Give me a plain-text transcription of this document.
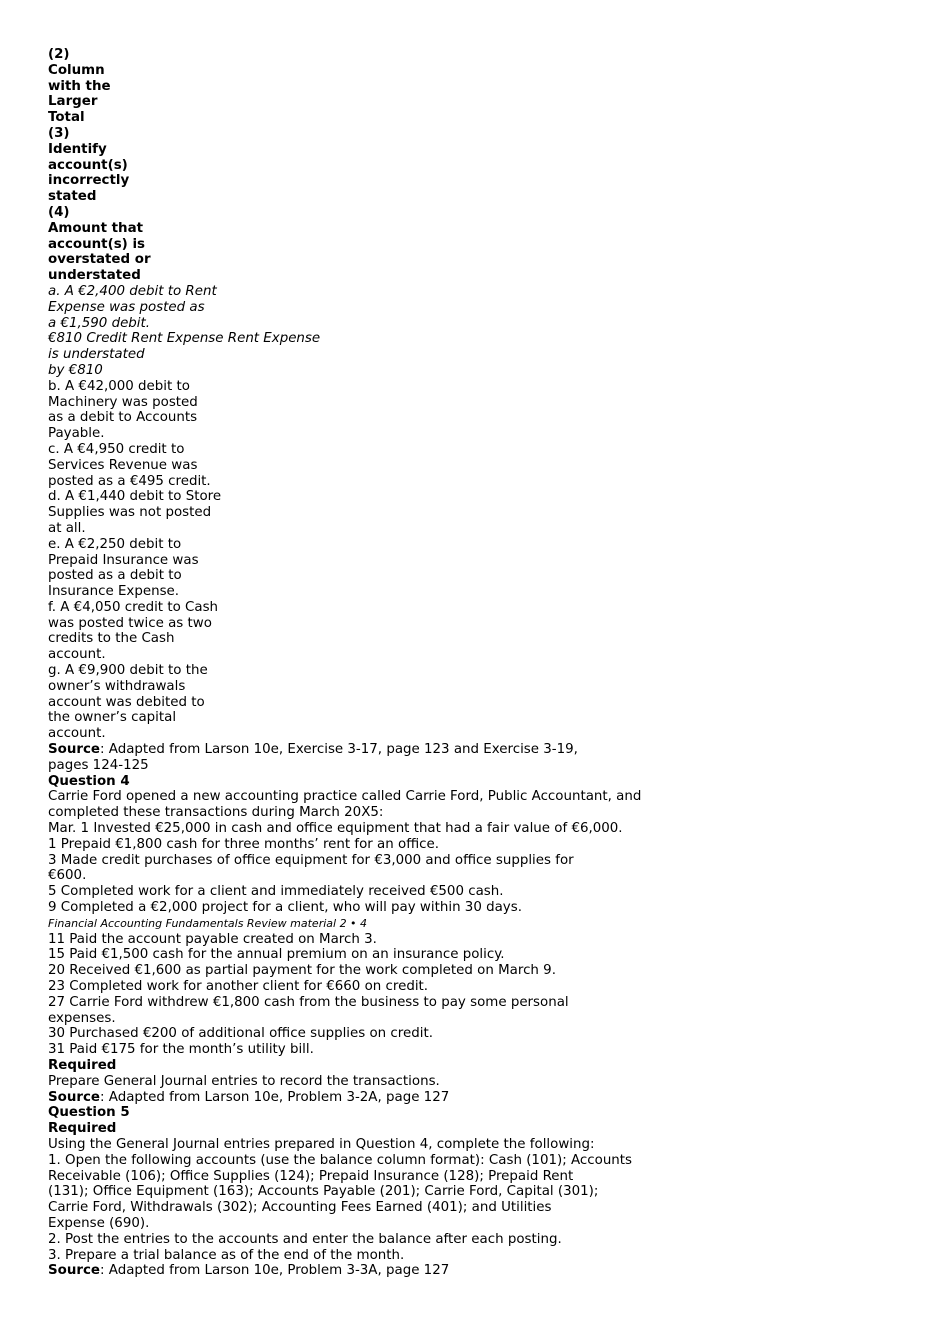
(2)
Column
with the
Larger
Total
(3)
Identify
account(s)
incorrectly
stated
(4)
Amount that
account(s) is
overstated or
understated
a. A €2,400 debit to Rent
Expense was posted as
a €1,590 debit.
€810 Credit Rent Expense Rent Expense
is understated
by €810
b. A €42,000 debit to
Machinery was posted
as a debit to Accounts
Payable.
c. A €4,950 credit to
Services Revenue was
posted as a €495 credit.
d. A €1,440 debit to Store
Supplies was not posted
at all.
e. A €2,250 debit to
Prepaid Insurance was
posted as a debit to
Insurance Expense.
f. A €4,050 credit to Cash
was posted twice as two
credits to the Cash
account.
g. A €9,900 debit to the
owner’s withdrawals
account was debited to
the owner’s capital
account.
Source: Adapted from Larson 10e, Exercise 3-17, page 123 and Exercise 3-19,
pages 124-125
Question 4
Carrie Ford opened a new accounting practice called Carrie Ford, Public Accountant, and
completed these transactions during March 20X5:
Mar. 1 Invested €25,000 in cash and office equipment that had a fair value of €6,000.
1 Prepaid €1,800 cash for three months’ rent for an office.
3 Made credit purchases of office equipment for €3,000 and office supplies for
€600.
5 Completed work for a client and immediately received €500 cash.
9 Completed a €2,000 project for a client, who will pay within 30 days.
Financial Accounting Fundamentals Review material 2 • 4
11 Paid the account payable created on March 3.
15 Paid €1,500 cash for the annual premium on an insurance policy.
20 Received €1,600 as partial payment for the work completed on March 9.
23 Completed work for another client for €660 on credit.
27 Carrie Ford withdrew €1,800 cash from the business to pay some personal
expenses.
30 Purchased €200 of additional office supplies on credit.
31 Paid €175 for the month’s utility bill.
Required
Prepare General Journal entries to record the transactions.
Source: Adapted from Larson 10e, Problem 3-2A, page 127
Question 5
Required
Using the General Journal entries prepared in Question 4, complete the following:
1. Open the following accounts (use the balance column format): Cash (101); Accounts
Receivable (106); Office Supplies (124); Prepaid Insurance (128); Prepaid Rent
(131); Office Equipment (163); Accounts Payable (201); Carrie Ford, Capital (301);
Carrie Ford, Withdrawals (302); Accounting Fees Earned (401); and Utilities
Expense (690).
2. Post the entries to the accounts and enter the balance after each posting.
3. Prepare a trial balance as of the end of the month.
Source: Adapted from Larson 10e, Problem 3-3A, page 127
